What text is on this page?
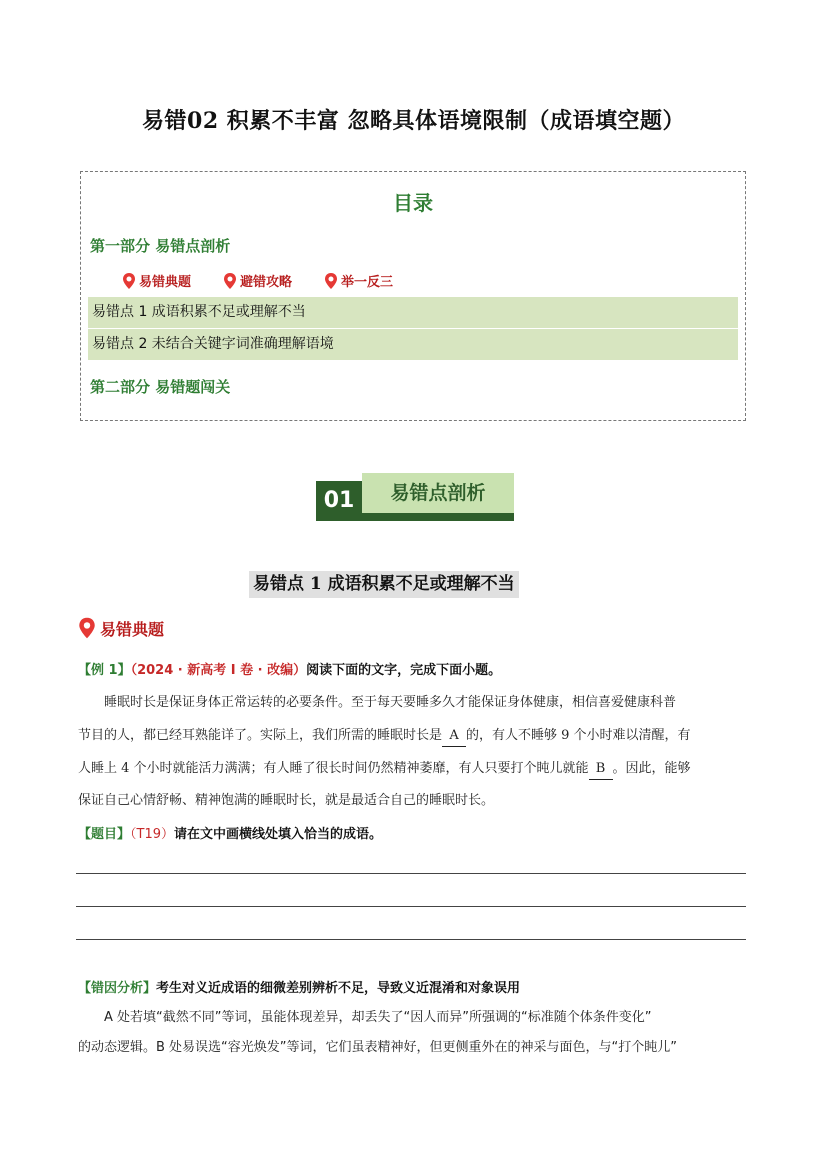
易错02 积累不丰富 忽略具体语境限制（成语填空题）
目录
第一部分 易错点剖析
易错典题	避错攻略	举一反三
易错点 1 成语积累不足或理解不当
易错点 2 未结合关键字词准确理解语境
第二部分 易错题闯关
01	易错点剖析
易错点 1 成语积累不足或理解不当
易错典题
【例 1】（2024 · 新高考 I 卷 · 改编）阅读下面的文字，完成下面小题。
睡眠时长是保证身体正常运转的必要条件。至于每天要睡多久才能保证身体健康，相信喜爱健康科普
节目的人，都已经耳熟能详了。实际上，我们所需的睡眠时长是 A 的，有人不睡够 9 个小时难以清醒，有
人睡上 4 个小时就能活力满满；有人睡了很长时间仍然精神萎靡，有人只要打个盹儿就能 B 。因此，能够
保证自己心情舒畅、精神饱满的睡眠时长，就是最适合自己的睡眠时长。
【题目】（T19）请在文中画横线处填入恰当的成语。
【错因分析】考生对义近成语的细微差别辨析不足，导致义近混淆和对象误用
A 处若填“截然不同”等词，虽能体现差异，却丢失了“因人而异”所强调的“标准随个体条件变化”
的动态逻辑。B 处易误选“容光焕发”等词，它们虽表精神好，但更侧重外在的神采与面色，与“打个盹儿”
